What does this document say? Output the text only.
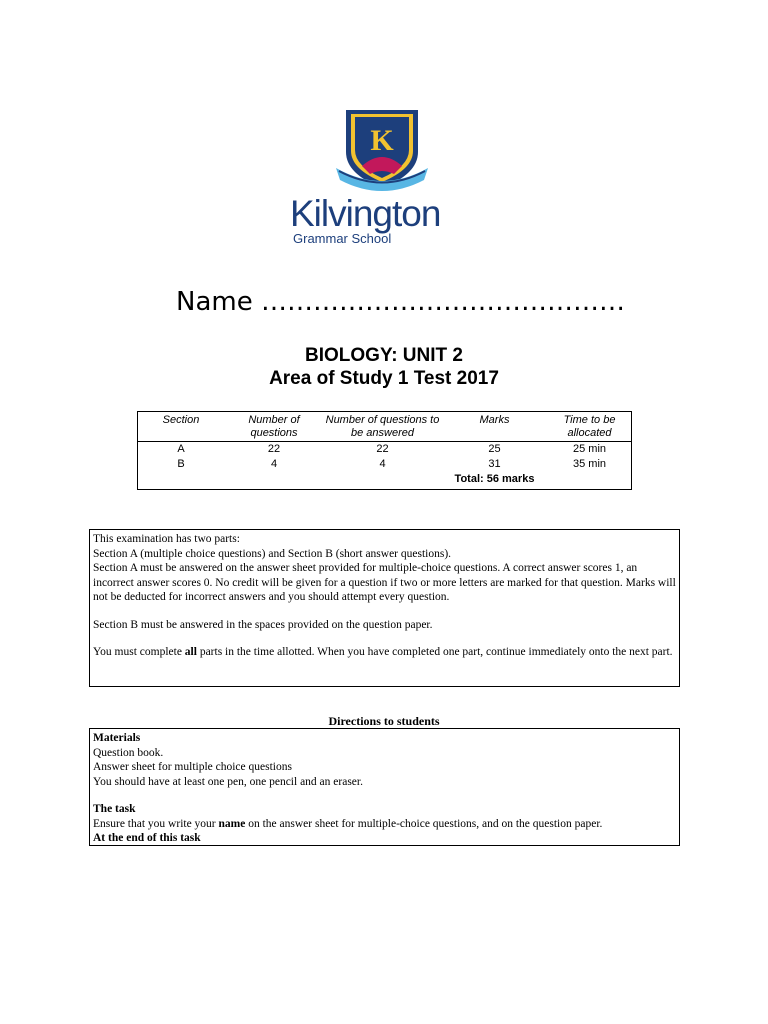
K
Kilvington
Grammar School
Name ……………………………………
BIOLOGY: UNIT 2
Area of Study 1 Test 2017
Section	Number of questions	Number of questions to be answered	Marks	Time to be allocated
A	22	22	25	25 min
B	4	4	31	35 min
			Total: 56 marks	

This examination has two parts:
Section A (multiple choice questions) and Section B (short answer questions).
Section A must be answered on the answer sheet provided for multiple-choice questions. A correct answer scores 1, an incorrect answer scores 0. No credit will be given for a question if two or more letters are marked for that question. Marks will not be deducted for incorrect answers and you should attempt every question.

Section B must be answered in the spaces provided on the question paper.

You must complete all parts in the time allotted. When you have completed one part, continue immediately onto the next part.

Directions to students
Materials
Question book.
Answer sheet for multiple choice questions
You should have at least one pen, one pencil and an eraser.

The task
Ensure that you write your name on the answer sheet for multiple-choice questions, and on the question paper.
At the end of this task
